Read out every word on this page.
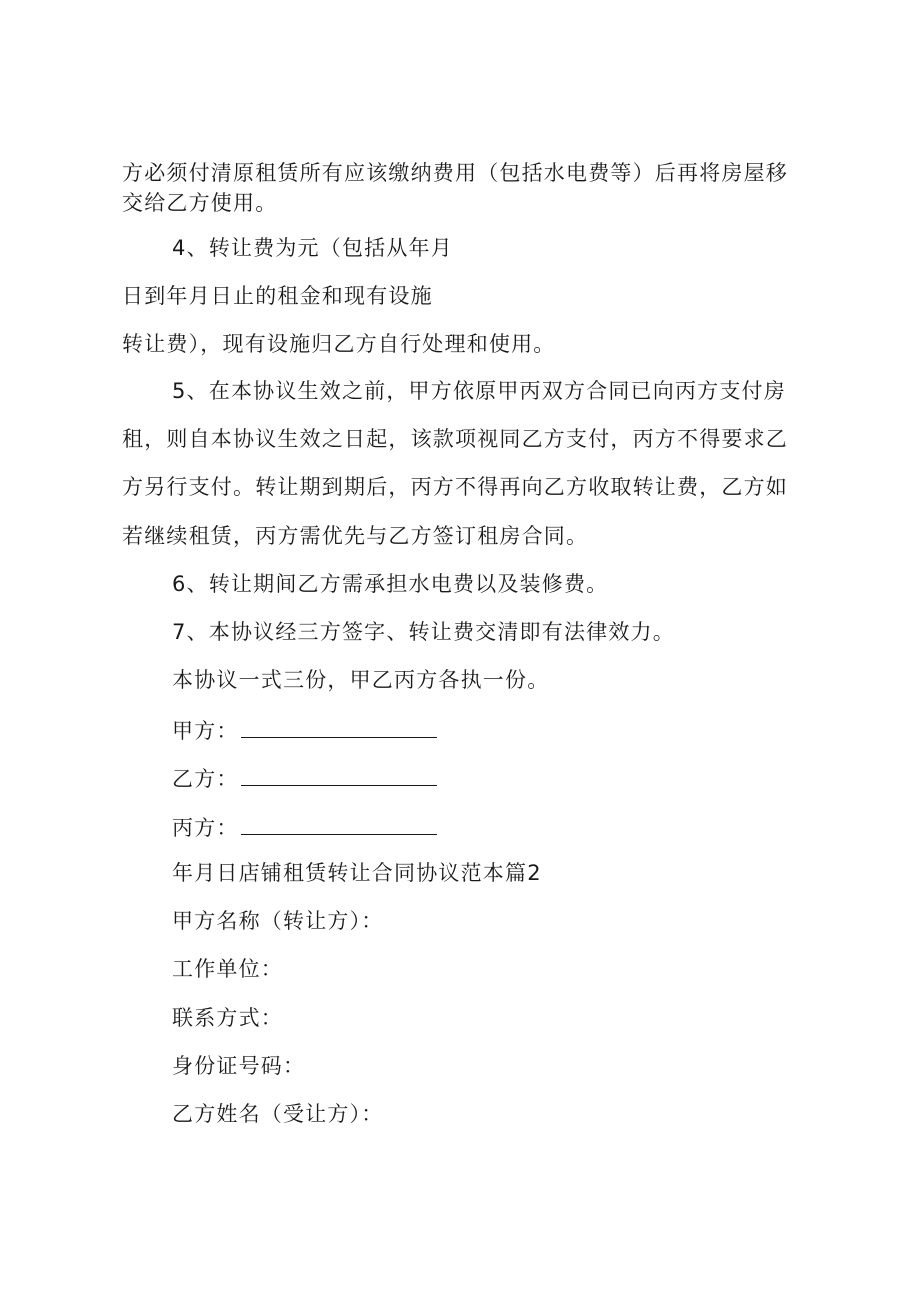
方必须付清原租赁所有应该缴纳费用（包括水电费等）后再将房屋移
交给乙方使用。
4、转让费为元（包括从年月
日到年月日止的租金和现有设施
转让费），现有设施归乙方自行处理和使用。
5、在本协议生效之前，甲方依原甲丙双方合同已向丙方支付房
租，则自本协议生效之日起，该款项视同乙方支付，丙方不得要求乙
方另行支付。转让期到期后，丙方不得再向乙方收取转让费，乙方如
若继续租赁，丙方需优先与乙方签订租房合同。
6、转让期间乙方需承担水电费以及装修费。
7、本协议经三方签字、转让费交清即有法律效力。
本协议一式三份，甲乙丙方各执一份。
甲方：
乙方：
丙方：
年月日店铺租赁转让合同协议范本篇2
甲方名称（转让方）：
工作单位：
联系方式：
身份证号码：
乙方姓名（受让方）：
